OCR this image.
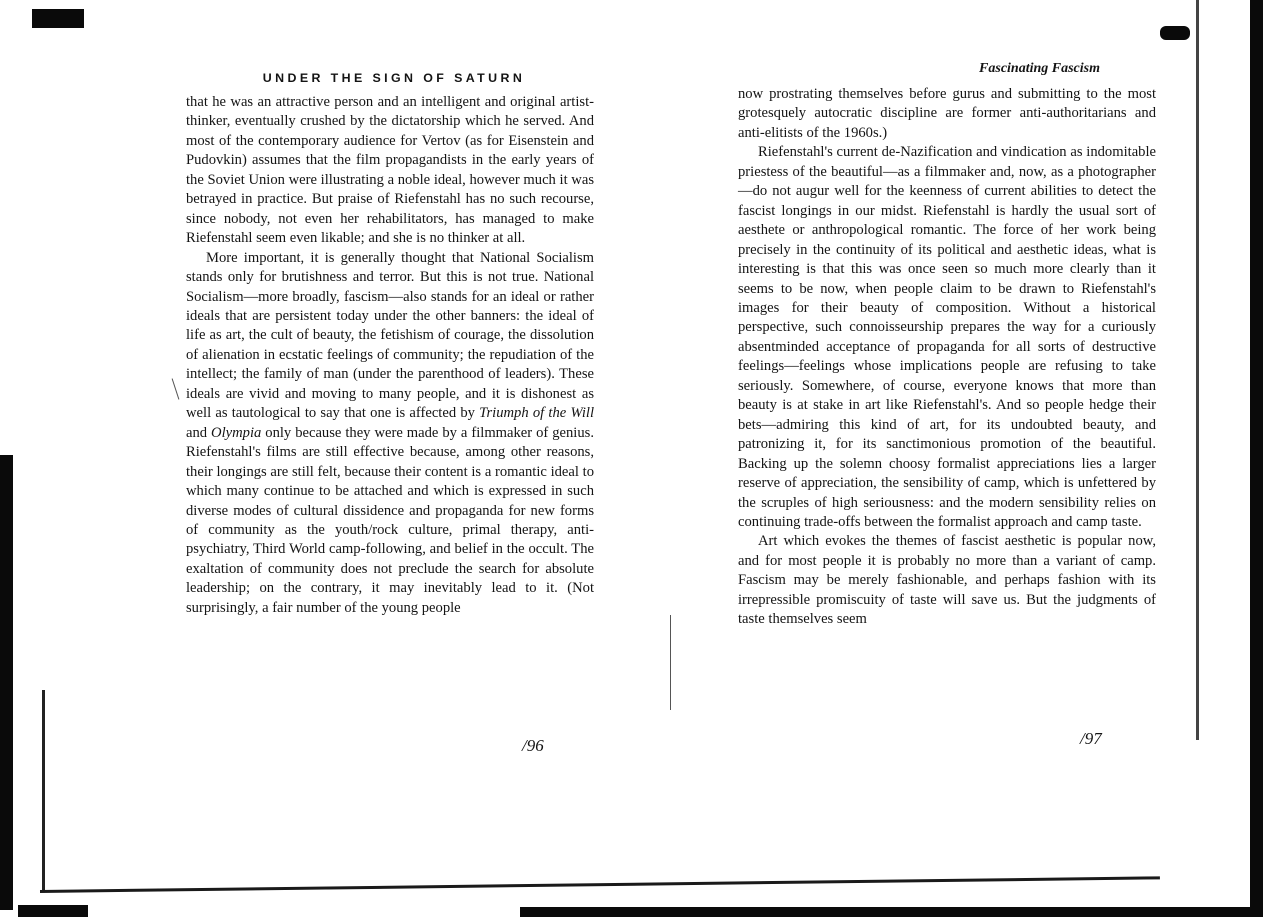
UNDER THE SIGN OF SATURN

that he was an attractive person and an intelligent and original artist-thinker, eventually crushed by the dictatorship which he served. And most of the contemporary audience for Vertov (as for Eisenstein and Pudovkin) assumes that the film propagandists in the early years of the Soviet Union were illustrating a noble ideal, however much it was betrayed in practice. But praise of Riefenstahl has no such recourse, since nobody, not even her rehabilitators, has managed to make Riefenstahl seem even likable; and she is no thinker at all.

More important, it is generally thought that National Socialism stands only for brutishness and terror. But this is not true. National Socialism—more broadly, fascism—also stands for an ideal or rather ideals that are persistent today under the other banners: the ideal of life as art, the cult of beauty, the fetishism of courage, the dissolution of alienation in ecstatic feelings of community; the repudiation of the intellect; the family of man (under the parenthood of leaders). These ideals are vivid and moving to many people, and it is dishonest as well as tautological to say that one is affected by Triumph of the Will and Olympia only because they were made by a filmmaker of genius. Riefenstahl's films are still effective because, among other reasons, their longings are still felt, because their content is a romantic ideal to which many continue to be attached and which is expressed in such diverse modes of cultural dissidence and propaganda for new forms of community as the youth/rock culture, primal therapy, anti-psychiatry, Third World camp-following, and belief in the occult. The exaltation of community does not preclude the search for absolute leadership; on the contrary, it may inevitably lead to it. (Not surprisingly, a fair number of the young people

/96
Fascinating Fascism

now prostrating themselves before gurus and submitting to the most grotesquely autocratic discipline are former anti-authoritarians and anti-elitists of the 1960s.)

Riefenstahl's current de-Nazification and vindication as indomitable priestess of the beautiful—as a filmmaker and, now, as a photographer—do not augur well for the keenness of current abilities to detect the fascist longings in our midst. Riefenstahl is hardly the usual sort of aesthete or anthropological romantic. The force of her work being precisely in the continuity of its political and aesthetic ideas, what is interesting is that this was once seen so much more clearly than it seems to be now, when people claim to be drawn to Riefenstahl's images for their beauty of composition. Without a historical perspective, such connoisseurship prepares the way for a curiously absentminded acceptance of propaganda for all sorts of destructive feelings—feelings whose implications people are refusing to take seriously. Somewhere, of course, everyone knows that more than beauty is at stake in art like Riefenstahl's. And so people hedge their bets—admiring this kind of art, for its undoubted beauty, and patronizing it, for its sanctimonious promotion of the beautiful. Backing up the solemn choosy formalist appreciations lies a larger reserve of appreciation, the sensibility of camp, which is unfettered by the scruples of high seriousness: and the modern sensibility relies on continuing trade-offs between the formalist approach and camp taste.

Art which evokes the themes of fascist aesthetic is popular now, and for most people it is probably no more than a variant of camp. Fascism may be merely fashionable, and perhaps fashion with its irrepressible promiscuity of taste will save us. But the judgments of taste themselves seem

/97
